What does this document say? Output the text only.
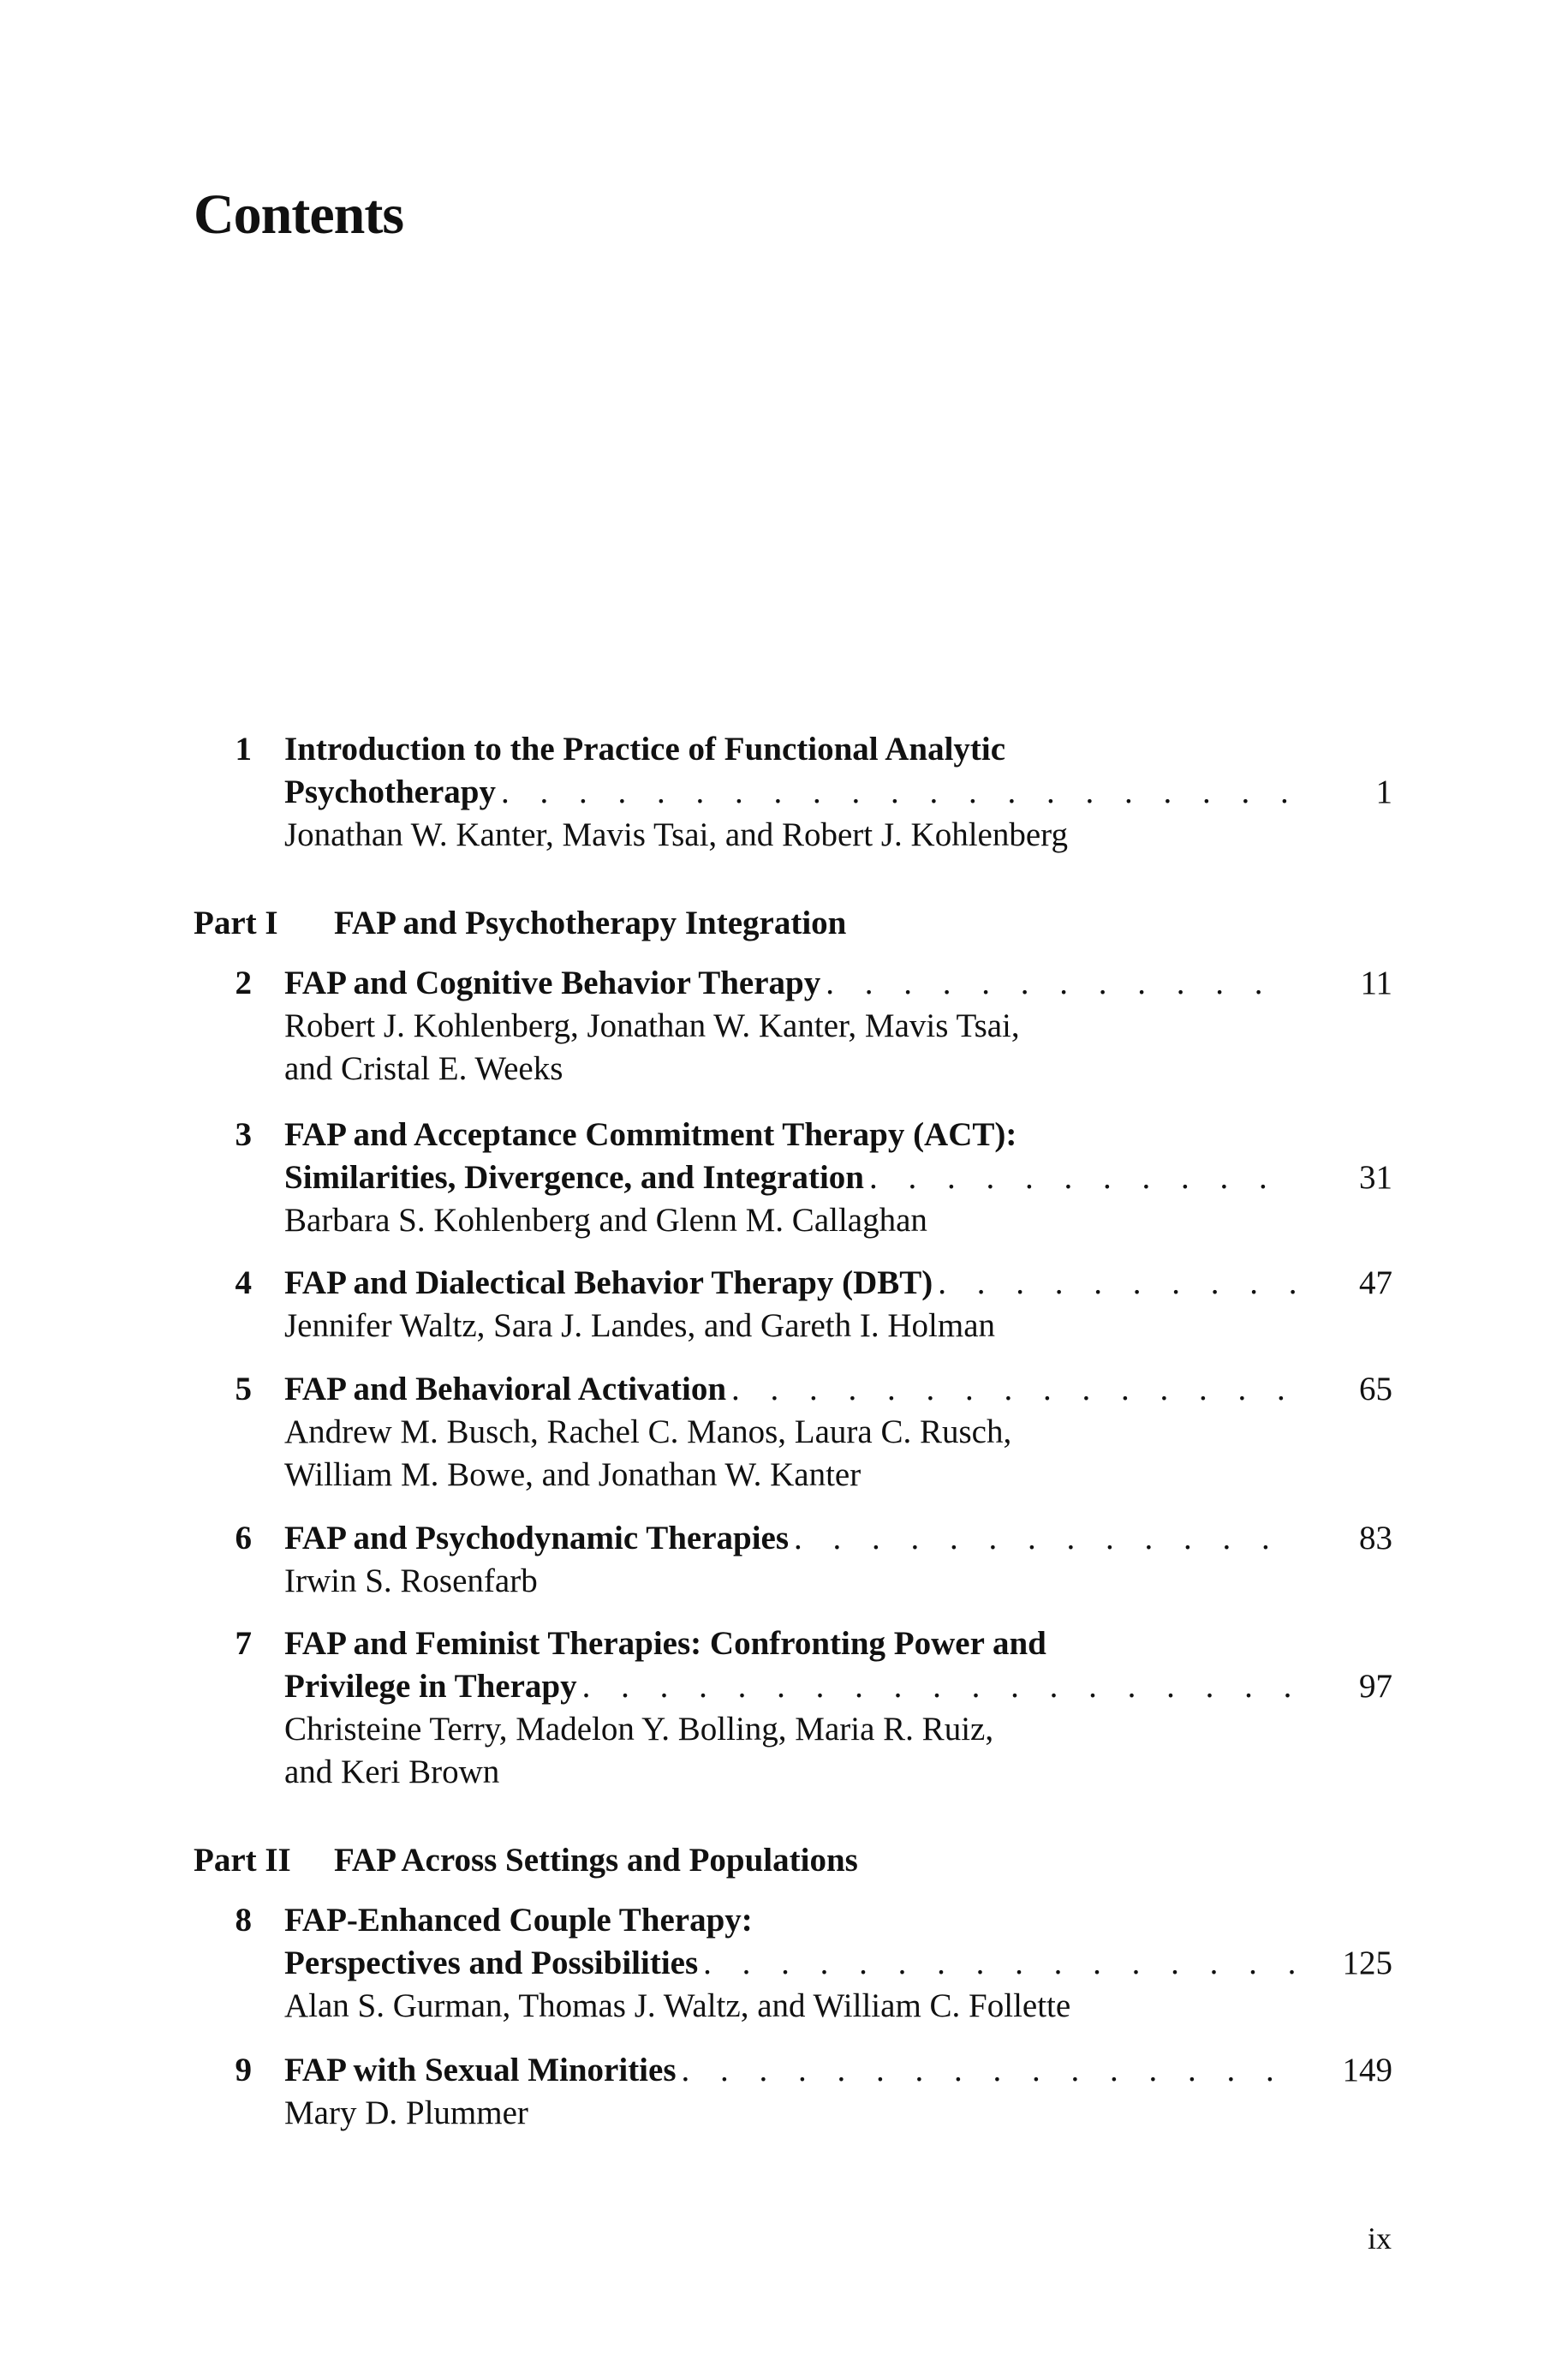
Contents
1 Introduction to the Practice of Functional Analytic
Psychotherapy . . .	1
Jonathan W. Kanter, Mavis Tsai, and Robert J. Kohlenberg
Part I FAP and Psychotherapy Integration
2 FAP and Cognitive Behavior Therapy . . .	11
Robert J. Kohlenberg, Jonathan W. Kanter, Mavis Tsai,
and Cristal E. Weeks
3 FAP and Acceptance Commitment Therapy (ACT):
Similarities, Divergence, and Integration . . .	31
Barbara S. Kohlenberg and Glenn M. Callaghan
4 FAP and Dialectical Behavior Therapy (DBT) . . .	47
Jennifer Waltz, Sara J. Landes, and Gareth I. Holman
5 FAP and Behavioral Activation . . .	65
Andrew M. Busch, Rachel C. Manos, Laura C. Rusch,
William M. Bowe, and Jonathan W. Kanter
6 FAP and Psychodynamic Therapies . . .	83
Irwin S. Rosenfarb
7 FAP and Feminist Therapies: Confronting Power and
Privilege in Therapy . . .	97
Christeine Terry, Madelon Y. Bolling, Maria R. Ruiz,
and Keri Brown
Part II FAP Across Settings and Populations
8 FAP-Enhanced Couple Therapy:
Perspectives and Possibilities . . .	125
Alan S. Gurman, Thomas J. Waltz, and William C. Follette
9 FAP with Sexual Minorities . . .	149
Mary D. Plummer
ix
